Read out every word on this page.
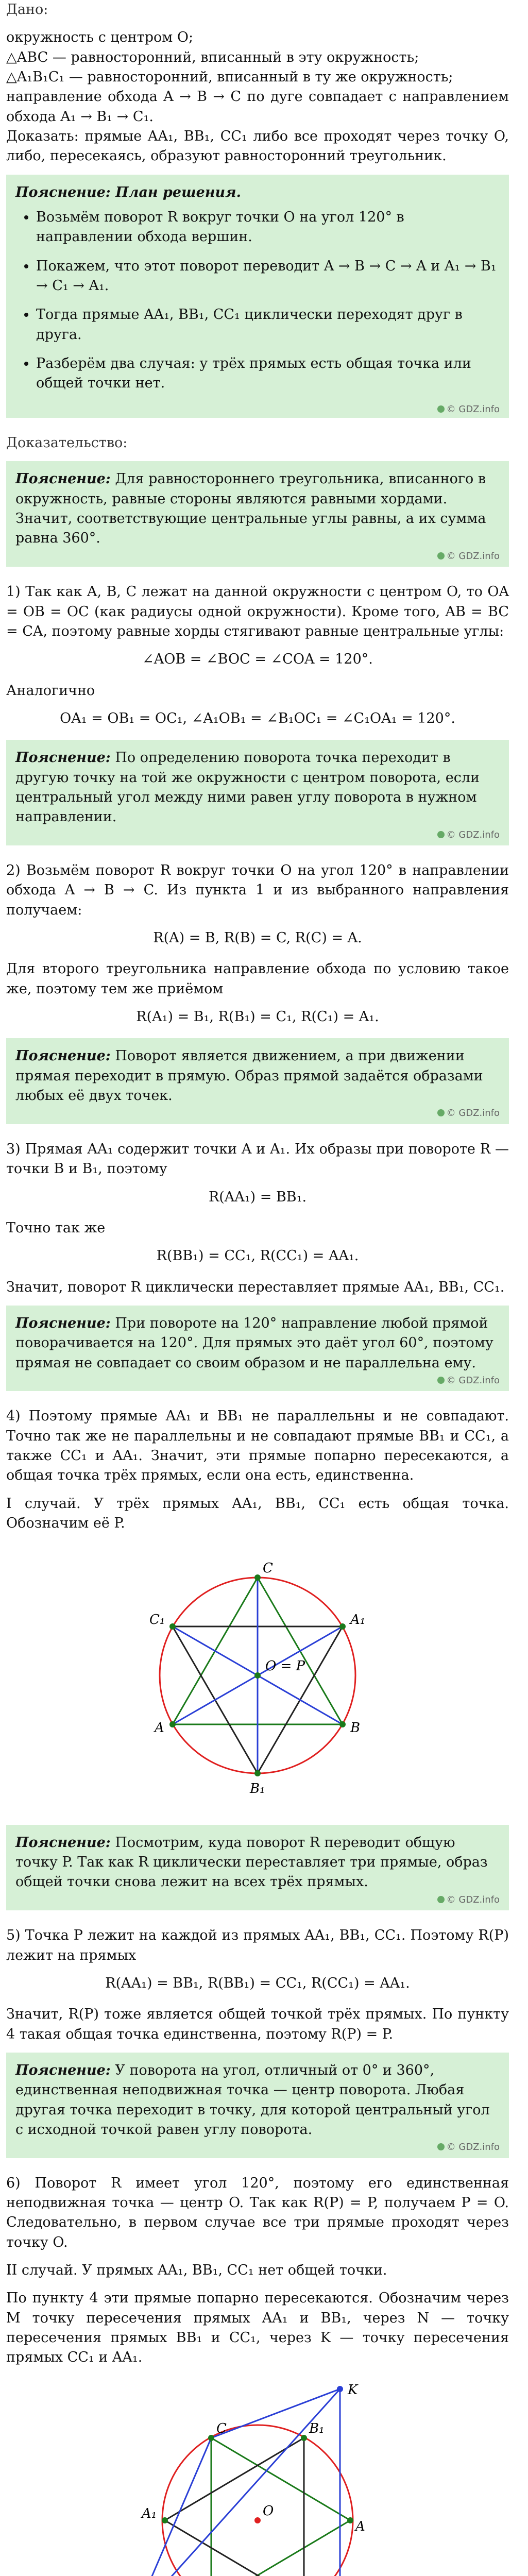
Дано:
окружность с центром O;
△ABC — равносторонний, вписанный в эту окружность;
△A₁B₁C₁ — равносторонний, вписанный в ту же окружность;
направление обхода A → B → C по дуге совпадает с направлением обхода A₁ → B₁ → C₁.
Доказать: прямые AA₁, BB₁, CC₁ либо все проходят через точку O, либо, пересекаясь, образуют равносторонний треугольник.
Пояснение: План решения.
• Возьмём поворот R вокруг точки O на угол 120° в направлении обхода вершин.
• Покажем, что этот поворот переводит A → B → C → A и A₁ → B₁ → C₁ → A₁.
• Тогда прямые AA₁, BB₁, CC₁ циклически переходят друг в друга.
• Разберём два случая: у трёх прямых есть общая точка или общей точки нет.
© GDZ.info
Доказательство:
Пояснение: Для равностороннего треугольника, вписанного в окружность, равные стороны являются равными хордами. Значит, соответствующие центральные углы равны, а их сумма равна 360°.
© GDZ.info
1) Так как A, B, C лежат на данной окружности с центром O, то OA = OB = OC (как радиусы одной окружности). Кроме того, AB = BC = CA, поэтому равные хорды стягивают равные центральные углы:
∠AOB = ∠BOC = ∠COA = 120°.
Аналогично
OA₁ = OB₁ = OC₁, ∠A₁OB₁ = ∠B₁OC₁ = ∠C₁OA₁ = 120°.
Пояснение: По определению поворота точка переходит в другую точку на той же окружности с центром поворота, если центральный угол между ними равен углу поворота в нужном направлении.
© GDZ.info
2) Возьмём поворот R вокруг точки O на угол 120° в направлении обхода A → B → C. Из пункта 1 и из выбранного направления получаем:
R(A) = B, R(B) = C, R(C) = A.
Для второго треугольника направление обхода по условию такое же, поэтому тем же приёмом
R(A₁) = B₁, R(B₁) = C₁, R(C₁) = A₁.
Пояснение: Поворот является движением, а при движении прямая переходит в прямую. Образ прямой задаётся образами любых её двух точек.
© GDZ.info
3) Прямая AA₁ содержит точки A и A₁. Их образы при повороте R — точки B и B₁, поэтому
R(AA₁) = BB₁.
Точно так же
R(BB₁) = CC₁, R(CC₁) = AA₁.
Значит, поворот R циклически переставляет прямые AA₁, BB₁, CC₁.
Пояснение: При повороте на 120° направление любой прямой поворачивается на 120°. Для прямых это даёт угол 60°, поэтому прямая не совпадает со своим образом и не параллельна ему.
© GDZ.info
4) Поэтому прямые AA₁ и BB₁ не параллельны и не совпадают. Точно так же не параллельны и не совпадают прямые BB₁ и CC₁, а также CC₁ и AA₁. Значит, эти прямые попарно пересекаются, а общая точка трёх прямых, если она есть, единственна.
I случай. У трёх прямых AA₁, BB₁, CC₁ есть общая точка. Обозначим её P.
A	B
C
A₁
B₁
C₁
O = P
Пояснение: Посмотрим, куда поворот R переводит общую точку P. Так как R циклически переставляет три прямые, образ общей точки снова лежит на всех трёх прямых.
© GDZ.info
5) Точка P лежит на каждой из прямых AA₁, BB₁, CC₁. Поэтому R(P) лежит на прямых
R(AA₁) = BB₁, R(BB₁) = CC₁, R(CC₁) = AA₁.
Значит, R(P) тоже является общей точкой трёх прямых. По пункту 4 такая общая точка единственна, поэтому R(P) = P.
Пояснение: У поворота на угол, отличный от 0° и 360°, единственная неподвижная точка — центр поворота. Любая другая точка переходит в точку, для которой центральный угол с исходной точкой равен углу поворота.
© GDZ.info
6) Поворот R имеет угол 120°, поэтому его единственная неподвижная точка — центр O. Так как R(P) = P, получаем P = O. Следовательно, в первом случае все три прямые проходят через точку O.
II случай. У прямых AA₁, BB₁, CC₁ нет общей точки.
По пункту 4 эти прямые попарно пересекаются. Обозначим через M точку пересечения прямых AA₁ и BB₁, через N — точку пересечения прямых BB₁ и CC₁, через K — точку пересечения прямых CC₁ и AA₁.
A
C
A₁
B₁
O
K
